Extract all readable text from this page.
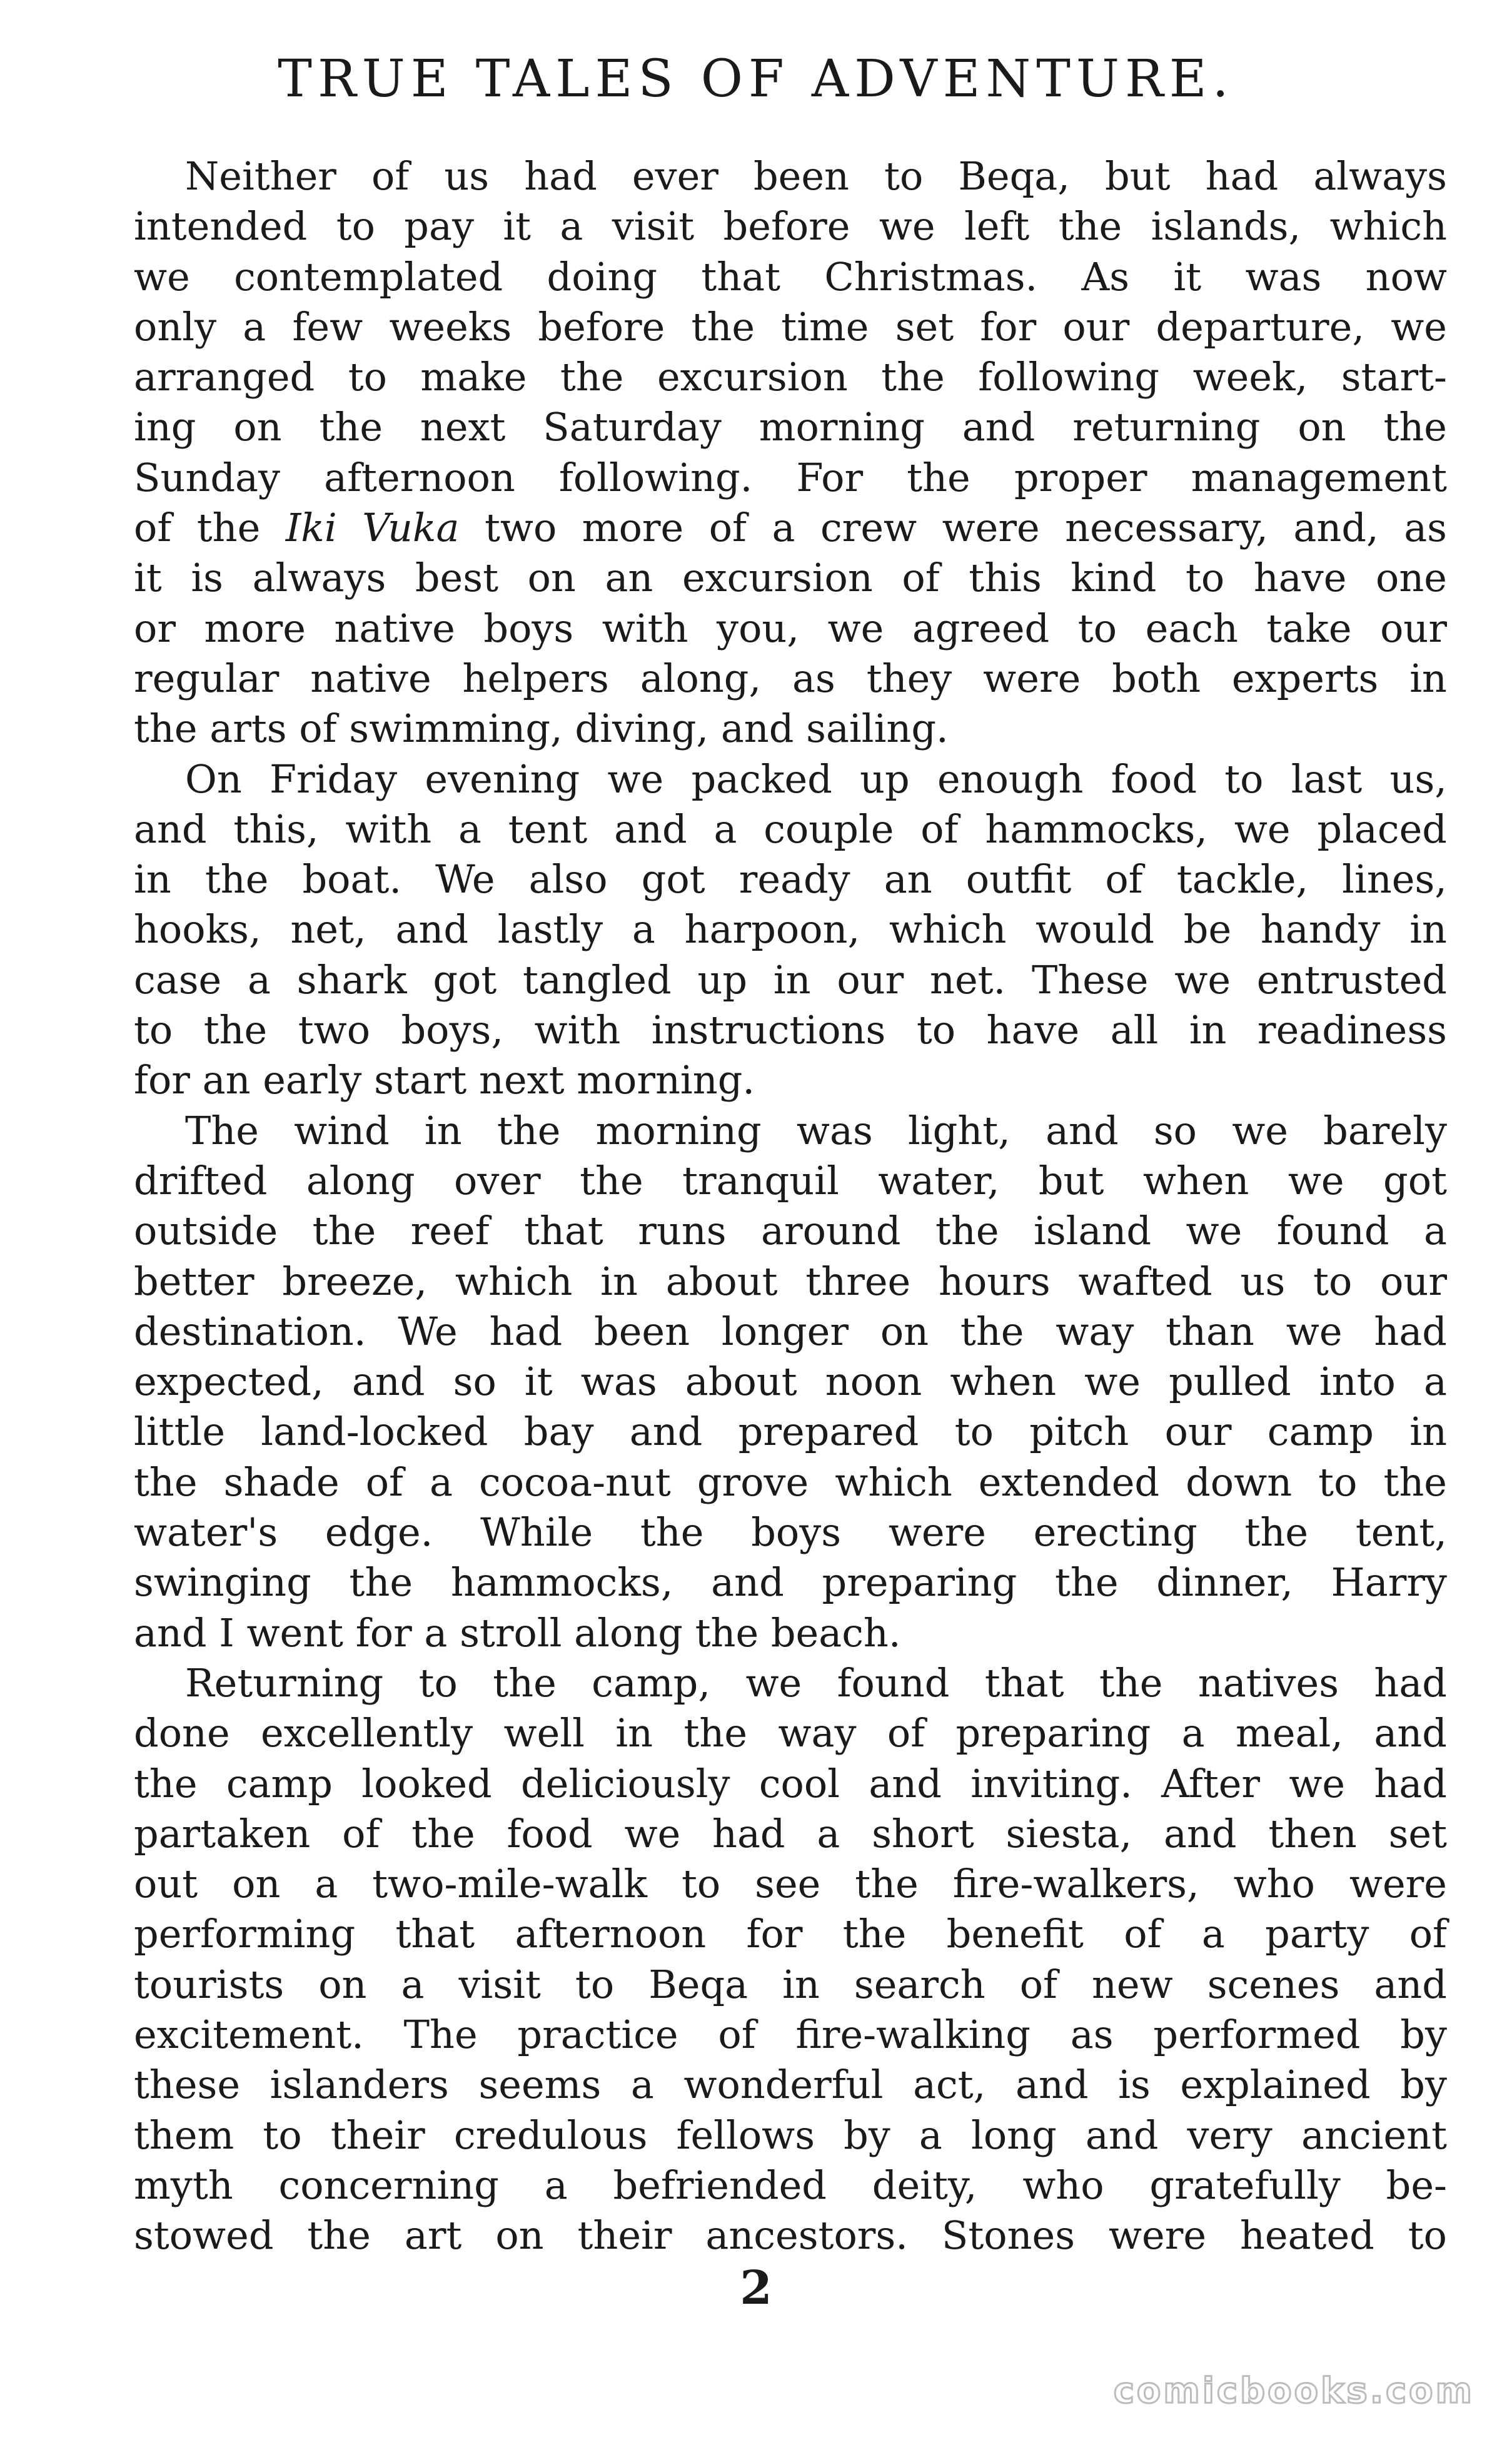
TRUE TALES OF ADVENTURE.
Neither of us had ever been to Beqa, but had always
intended to pay it a visit before we left the islands, which
we contemplated doing that Christmas. As it was now
only a few weeks before the time set for our departure, we
arranged to make the excursion the following week, start-
ing on the next Saturday morning and returning on the
Sunday afternoon following. For the proper management
of the Iki Vuka two more of a crew were necessary, and, as
it is always best on an excursion of this kind to have one
or more native boys with you, we agreed to each take our
regular native helpers along, as they were both experts in
the arts of swimming, diving, and sailing.
On Friday evening we packed up enough food to last us,
and this, with a tent and a couple of hammocks, we placed
in the boat. We also got ready an outfit of tackle, lines,
hooks, net, and lastly a harpoon, which would be handy in
case a shark got tangled up in our net. These we entrusted
to the two boys, with instructions to have all in readiness
for an early start next morning.
The wind in the morning was light, and so we barely
drifted along over the tranquil water, but when we got
outside the reef that runs around the island we found a
better breeze, which in about three hours wafted us to our
destination. We had been longer on the way than we had
expected, and so it was about noon when we pulled into a
little land-locked bay and prepared to pitch our camp in
the shade of a cocoa-nut grove which extended down to the
water's edge. While the boys were erecting the tent,
swinging the hammocks, and preparing the dinner, Harry
and I went for a stroll along the beach.
Returning to the camp, we found that the natives had
done excellently well in the way of preparing a meal, and
the camp looked deliciously cool and inviting. After we had
partaken of the food we had a short siesta, and then set
out on a two-mile-walk to see the fire-walkers, who were
performing that afternoon for the benefit of a party of
tourists on a visit to Beqa in search of new scenes and
excitement. The practice of fire-walking as performed by
these islanders seems a wonderful act, and is explained by
them to their credulous fellows by a long and very ancient
myth concerning a befriended deity, who gratefully be-
stowed the art on their ancestors. Stones were heated to
2
comicbooks.com
